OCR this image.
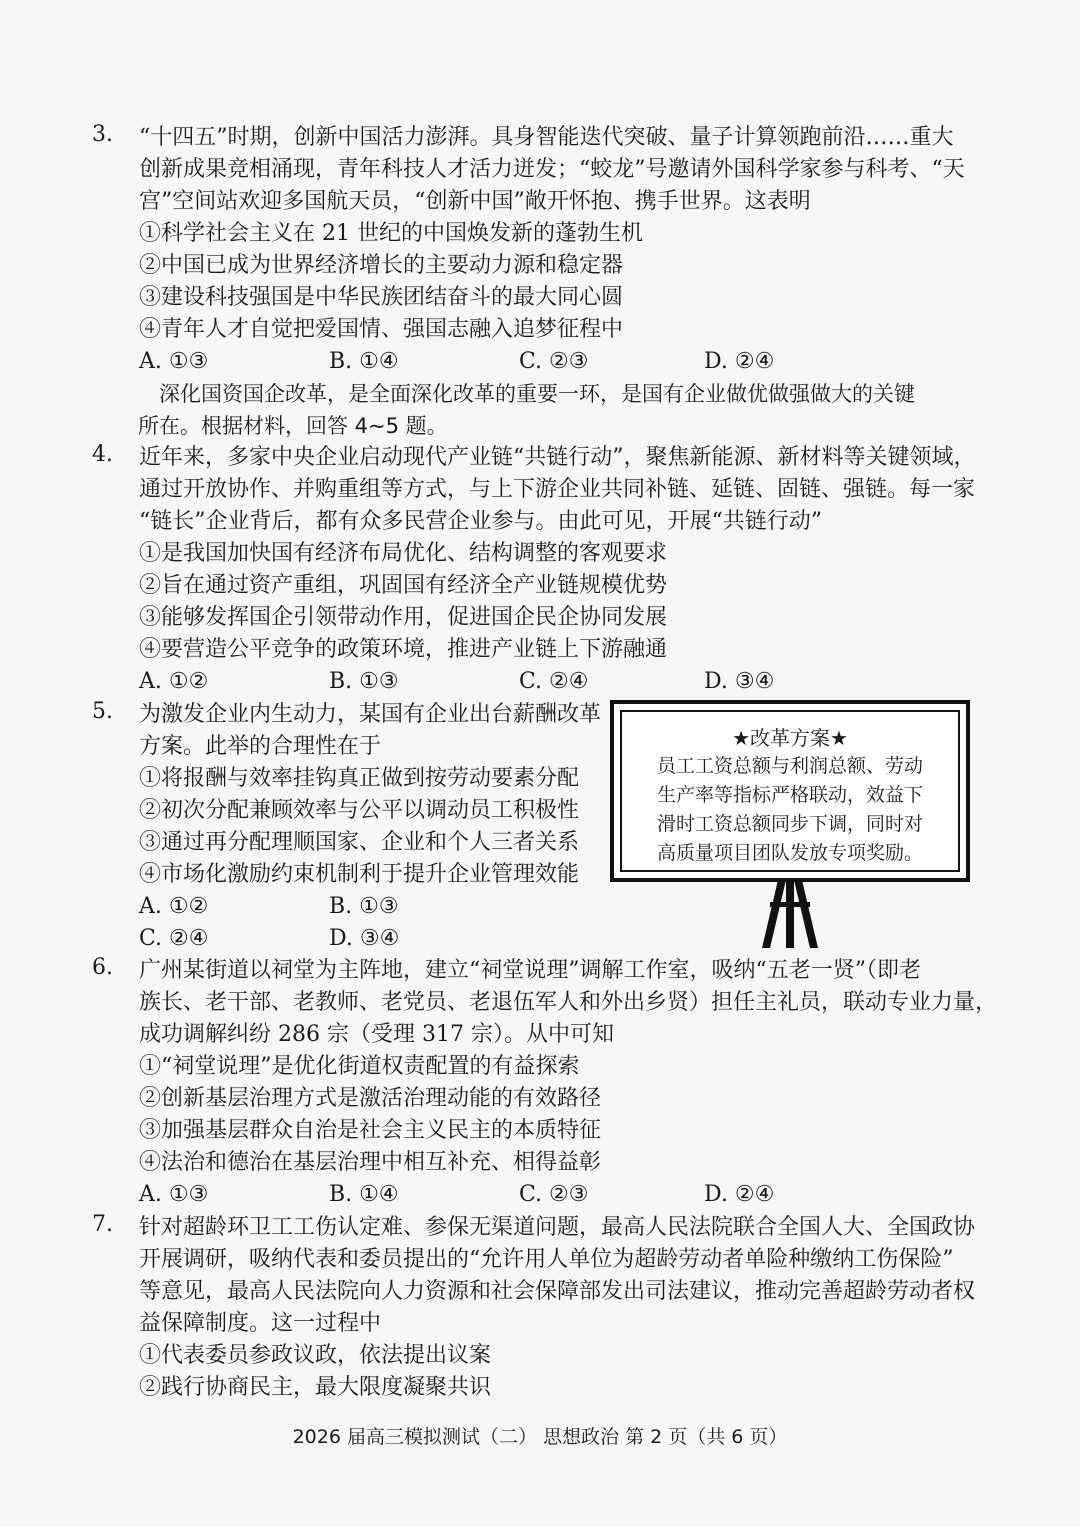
3. “十四五”时期，创新中国活力澎湃。具身智能迭代突破、量子计算领跑前沿……重大
创新成果竞相涌现，青年科技人才活力迸发；“蛟龙”号邀请外国科学家参与科考、“天
宫”空间站欢迎多国航天员，“创新中国”敞开怀抱、携手世界。这表明
①科学社会主义在 21 世纪的中国焕发新的蓬勃生机
②中国已成为世界经济增长的主要动力源和稳定器
③建设科技强国是中华民族团结奋斗的最大同心圆
④青年人才自觉把爱国情、强国志融入追梦征程中
A. ①③	B. ①④	C. ②③	D. ②④
　深化国资国企改革，是全面深化改革的重要一环，是国有企业做优做强做大的关键
所在。根据材料，回答 4~5 题。
4. 近年来，多家中央企业启动现代产业链“共链行动”，聚焦新能源、新材料等关键领域，
通过开放协作、并购重组等方式，与上下游企业共同补链、延链、固链、强链。每一家
“链长”企业背后，都有众多民营企业参与。由此可见，开展“共链行动”
①是我国加快国有经济布局优化、结构调整的客观要求
②旨在通过资产重组，巩固国有经济全产业链规模优势
③能够发挥国企引领带动作用，促进国企民企协同发展
④要营造公平竞争的政策环境，推进产业链上下游融通
A. ①②	B. ①③	C. ②④	D. ③④
5. 为激发企业内生动力，某国有企业出台薪酬改革
方案。此举的合理性在于
①将报酬与效率挂钩真正做到按劳动要素分配
②初次分配兼顾效率与公平以调动员工积极性
③通过再分配理顺国家、企业和个人三者关系
④市场化激励约束机制利于提升企业管理效能
A. ①②	B. ①③
C. ②④	D. ③④
★改革方案★
员工工资总额与利润总额、劳动
生产率等指标严格联动，效益下
滑时工资总额同步下调，同时对
高质量项目团队发放专项奖励。
6. 广州某街道以祠堂为主阵地，建立“祠堂说理”调解工作室，吸纳“五老一贤”（即老
族长、老干部、老教师、老党员、老退伍军人和外出乡贤）担任主礼员，联动专业力量，
成功调解纠纷 286 宗（受理 317 宗）。从中可知
①“祠堂说理”是优化街道权责配置的有益探索
②创新基层治理方式是激活治理动能的有效路径
③加强基层群众自治是社会主义民主的本质特征
④法治和德治在基层治理中相互补充、相得益彰
A. ①③	B. ①④	C. ②③	D. ②④
7. 针对超龄环卫工工伤认定难、参保无渠道问题，最高人民法院联合全国人大、全国政协
开展调研，吸纳代表和委员提出的“允许用人单位为超龄劳动者单险种缴纳工伤保险”
等意见，最高人民法院向人力资源和社会保障部发出司法建议，推动完善超龄劳动者权
益保障制度。这一过程中
①代表委员参政议政，依法提出议案
②践行协商民主，最大限度凝聚共识
2026 届高三模拟测试（二） 思想政治 第 2 页（共 6 页）
